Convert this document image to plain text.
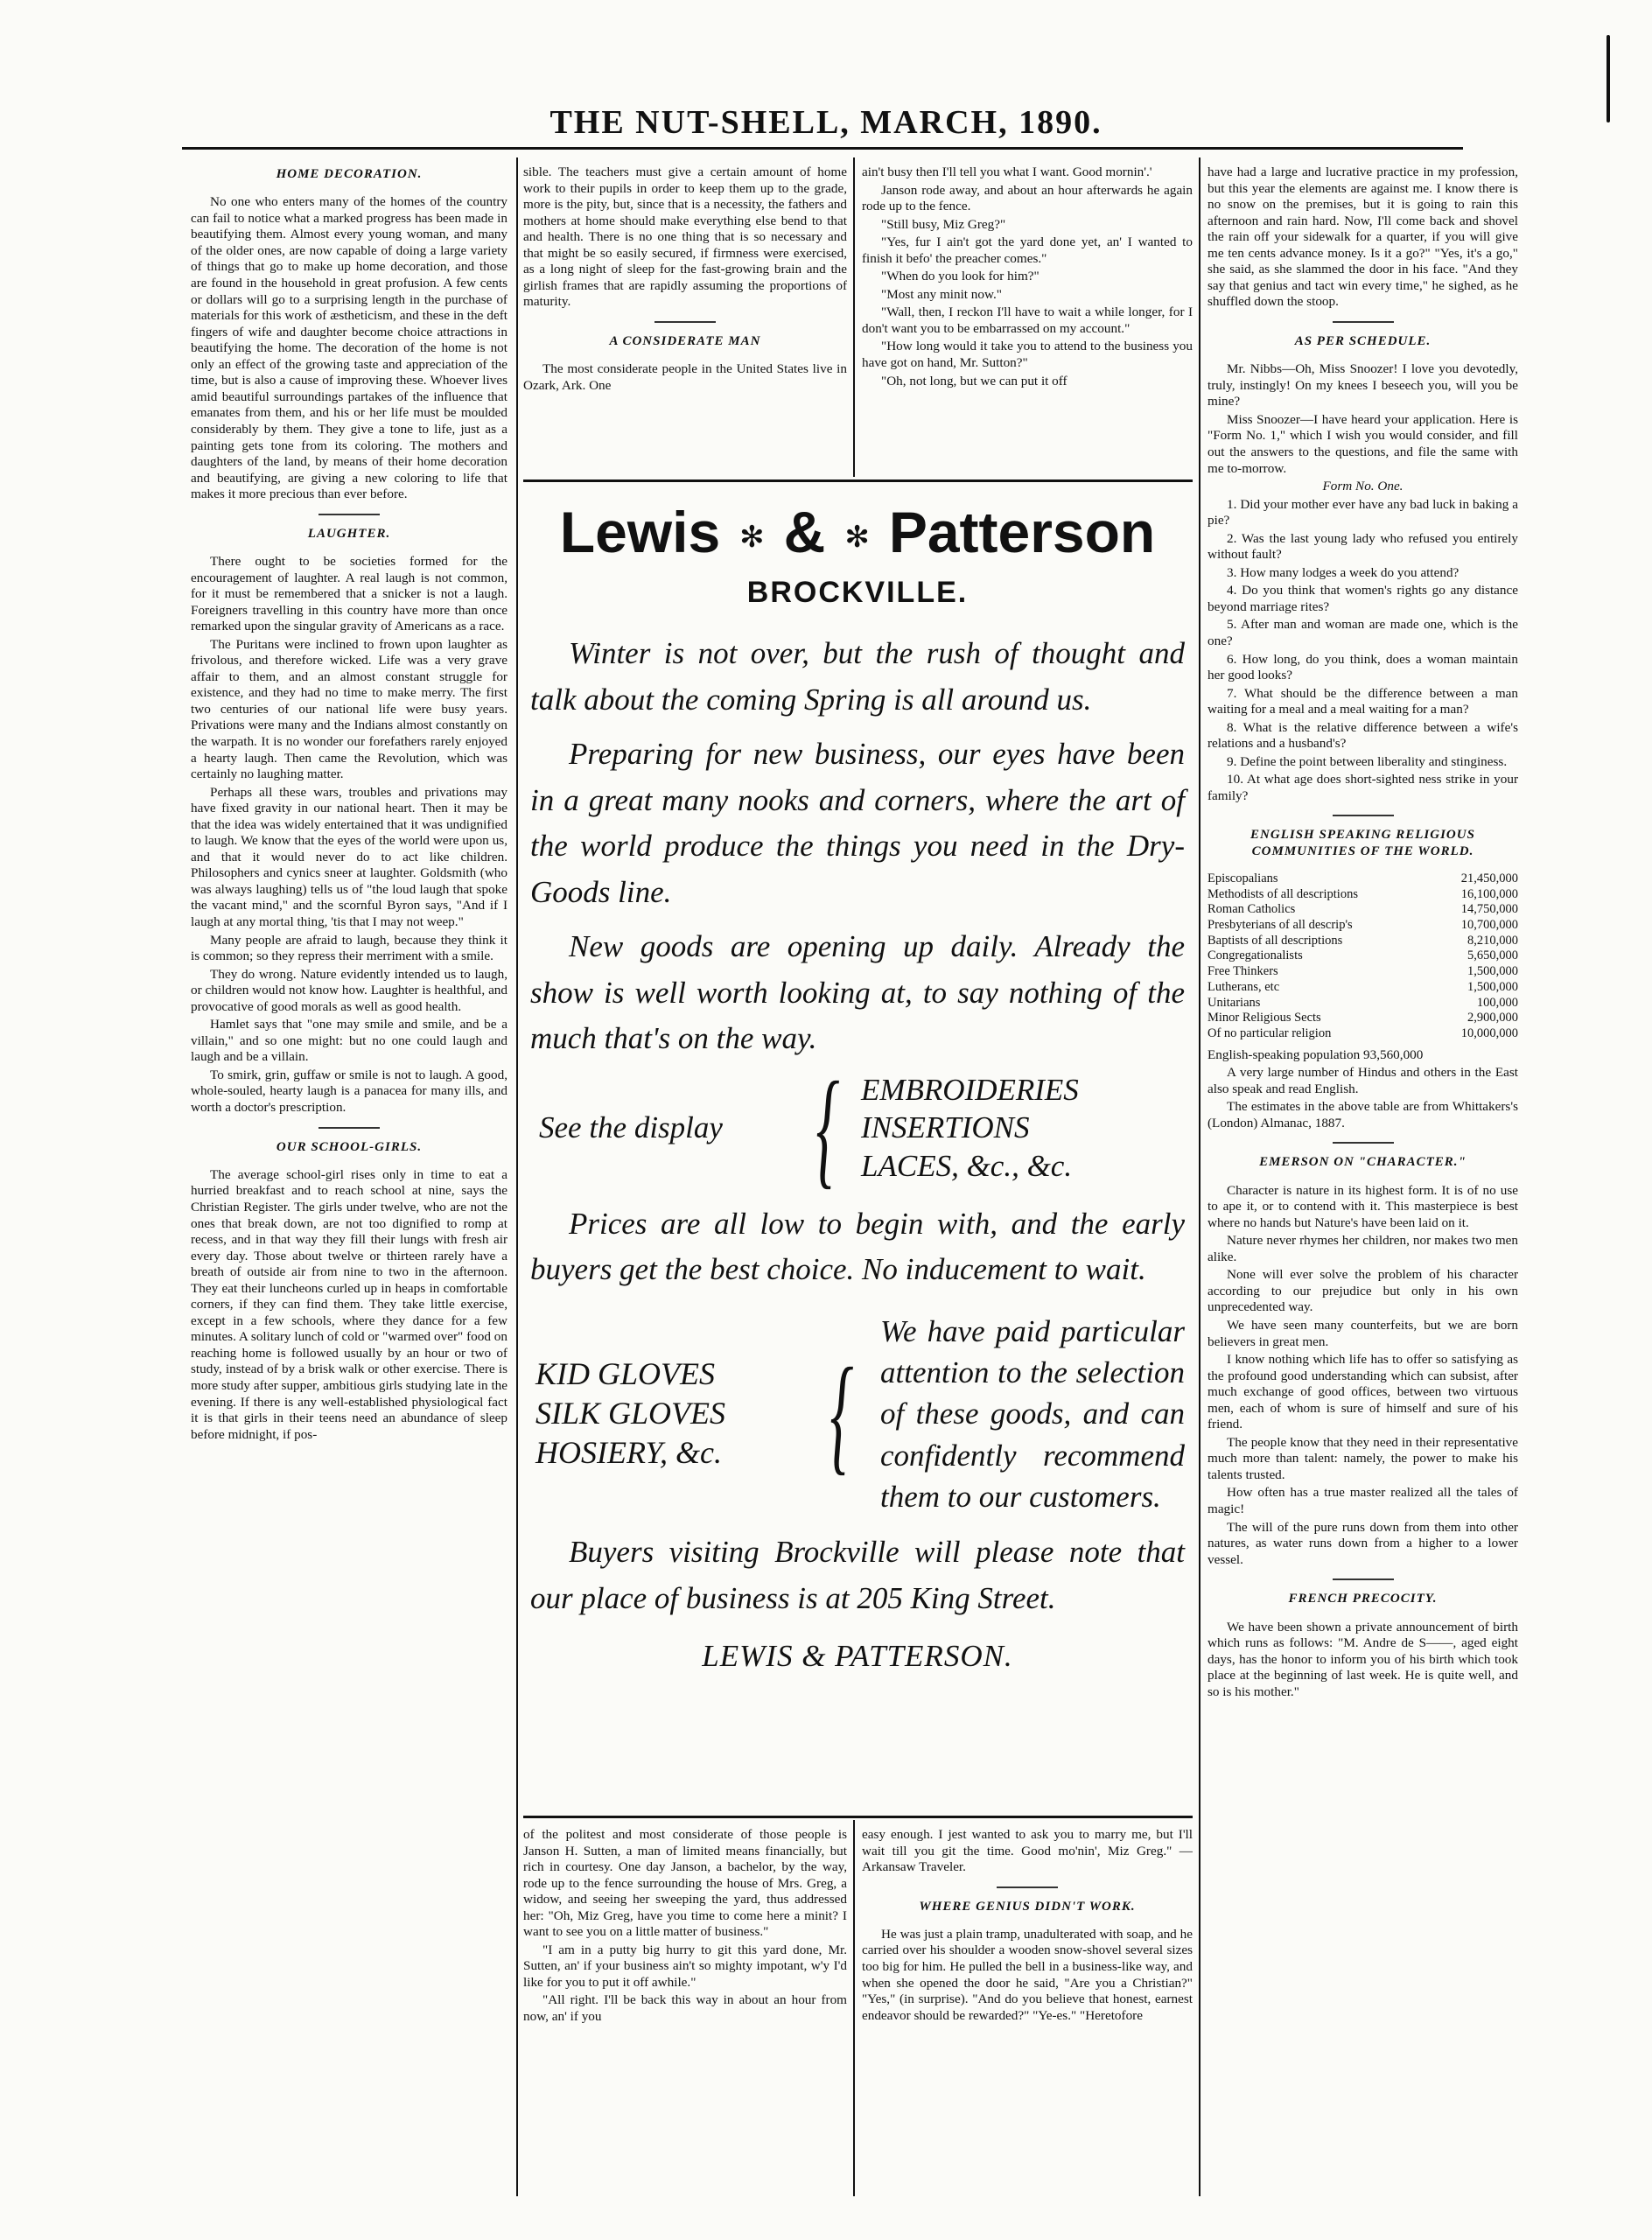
THE NUT-SHELL, MARCH, 1890.
HOME DECORATION.

No one who enters many of the homes of the country can fail to notice what a marked progress has been made in beautifying them. Almost every young woman, and many of the older ones, are now capable of doing a large variety of things that go to make up home decoration, and those are found in the household in great profusion. A few cents or dollars will go to a surprising length in the purchase of materials for this work of æstheticism, and these in the deft fingers of wife and daughter become choice attractions in beautifying the home. The decoration of the home is not only an effect of the growing taste and appreciation of the time, but is also a cause of improving these. Whoever lives amid beautiful surroundings partakes of the influence that emanates from them, and his or her life must be moulded considerably by them. They give a tone to life, just as a painting gets tone from its coloring. The mothers and daughters of the land, by means of their home decoration and beautifying, are giving a new coloring to life that makes it more precious than ever before.

LAUGHTER.

There ought to be societies formed for the encouragement of laughter. A real laugh is not common, for it must be remembered that a snicker is not a laugh. Foreigners travelling in this country have more than once remarked upon the singular gravity of Americans as a race.

The Puritans were inclined to frown upon laughter as frivolous, and therefore wicked. Life was a very grave affair to them, and an almost constant struggle for existence, and they had no time to make merry. The first two centuries of our national life were busy years. Privations were many and the Indians almost constantly on the warpath. It is no wonder our forefathers rarely enjoyed a hearty laugh. Then came the Revolution, which was certainly no laughing matter.

Perhaps all these wars, troubles and privations may have fixed gravity in our national heart. Then it may be that the idea was widely entertained that it was undignified to laugh. We know that the eyes of the world were upon us, and that it would never do to act like children. Philosophers and cynics sneer at laughter. Goldsmith (who was always laughing) tells us of "the loud laugh that spoke the vacant mind," and the scornful Byron says, "And if I laugh at any mortal thing, 'tis that I may not weep."

Many people are afraid to laugh, because they think it is common; so they repress their merriment with a smile.

They do wrong. Nature evidently intended us to laugh, or children would not know how. Laughter is healthful, and provocative of good morals as well as good health.

Hamlet says that "one may smile and smile, and be a villain," and so one might: but no one could laugh and laugh and be a villain.

To smirk, grin, guffaw or smile is not to laugh. A good, whole-souled, hearty laugh is a panacea for many ills, and worth a doctor's prescription.

OUR SCHOOL-GIRLS.

The average school-girl rises only in time to eat a hurried breakfast and to reach school at nine, says the Christian Register. The girls under twelve, who are not the ones that break down, are not too dignified to romp at recess, and in that way they fill their lungs with fresh air every day. Those about twelve or thirteen rarely have a breath of outside air from nine to two in the afternoon. They eat their luncheons curled up in heaps in comfortable corners, if they can find them. They take little exercise, except in a few schools, where they dance for a few minutes. A solitary lunch of cold or "warmed over" food on reaching home is followed usually by an hour or two of study, instead of by a brisk walk or other exercise. There is more study after supper, ambitious girls studying late in the evening. If there is any well-established physiological fact it is that girls in their teens need an abundance of sleep before midnight, if pos-

sible. The teachers must give a certain amount of home work to their pupils in order to keep them up to the grade, more is the pity, but, since that is a necessity, the fathers and mothers at home should make everything else bend to that and health. There is no one thing that is so necessary and that might be so easily secured, if firmness were exercised, as a long night of sleep for the fast-growing brain and the girlish frames that are rapidly assuming the proportions of maturity.

A CONSIDERATE MAN

The most considerate people in the United States live in Ozark, Ark. One

ain't busy then I'll tell you what I want. Good mornin'.'

Janson rode away, and about an hour afterwards he again rode up to the fence.

"Still busy, Miz Greg?"

"Yes, fur I ain't got the yard done yet, an' I wanted to finish it befo' the preacher comes."

"When do you look for him?"

"Most any minit now."

"Wall, then, I reckon I'll have to wait a while longer, for I don't want you to be embarrassed on my account."

"How long would it take you to attend to the business you have got on hand, Mr. Sutton?"

"Oh, not long, but we can put it off

Lewis ✻ & ✻ Patterson
BROCKVILLE.

Winter is not over, but the rush of thought and talk about the coming Spring is all around us.

Preparing for new business, our eyes have been in a great many nooks and corners, where the art of the world produce the things you need in the Dry-Goods line.

New goods are opening up daily. Already the show is well worth looking at, to say nothing of the much that's on the way.

See the display { EMBROIDERIES
INSERTIONS
LACES, &c., &c.

Prices are all low to begin with, and the early buyers get the best choice. No inducement to wait.

KID GLOVES
SILK GLOVES
HOSIERY, &c. {
We have paid particular attention to the selection of these goods, and can confidently recommend them to our customers.

Buyers visiting Brockville will please note that our place of business is at 205 King Street.

LEWIS & PATTERSON.

of the politest and most considerate of those people is Janson H. Sutten, a man of limited means financially, but rich in courtesy. One day Janson, a bachelor, by the way, rode up to the fence surrounding the house of Mrs. Greg, a widow, and seeing her sweeping the yard, thus addressed her: "Oh, Miz Greg, have you time to come here a minit? I want to see you on a little matter of business."

"I am in a putty big hurry to git this yard done, Mr. Sutten, an' if your business ain't so mighty impotant, w'y I'd like for you to put it off awhile."

"All right. I'll be back this way in about an hour from now, an' if you

easy enough. I jest wanted to ask you to marry me, but I'll wait till you git the time. Good mo'nin', Miz Greg." —Arkansaw Traveler.

WHERE GENIUS DIDN'T WORK.

He was just a plain tramp, unadulterated with soap, and he carried over his shoulder a wooden snow-shovel several sizes too big for him. He pulled the bell in a business-like way, and when she opened the door he said, "Are you a Christian?" "Yes," (in surprise). "And do you believe that honest, earnest endeavor should be rewarded?" "Ye-es." "Heretofore

have had a large and lucrative practice in my profession, but this year the elements are against me. I know there is no snow on the premises, but it is going to rain this afternoon and rain hard. Now, I'll come back and shovel the rain off your sidewalk for a quarter, if you will give me ten cents advance money. Is it a go?" "Yes, it's a go," she said, as she slammed the door in his face. "And they say that genius and tact win every time," he sighed, as he shuffled down the stoop.

AS PER SCHEDULE.

Mr. Nibbs—Oh, Miss Snoozer! I love you devotedly, truly, instingly! On my knees I beseech you, will you be mine?

Miss Snoozer—I have heard your application. Here is "Form No. 1," which I wish you would consider, and fill out the answers to the questions, and file the same with me to-morrow.

Form No. One.

1. Did your mother ever have any bad luck in baking a pie?

2. Was the last young lady who refused you entirely without fault?

3. How many lodges a week do you attend?

4. Do you think that women's rights go any distance beyond marriage rites?

5. After man and woman are made one, which is the one?

6. How long, do you think, does a woman maintain her good looks?

7. What should be the difference between a man waiting for a meal and a meal waiting for a man?

8. What is the relative difference between a wife's relations and a husband's?

9. Define the point between liberality and stinginess.

10. At what age does short-sighted ness strike in your family?

ENGLISH SPEAKING RELIGIOUS COMMUNITIES OF THE WORLD.
Episcopalians	21,450,000
Methodists of all descriptions	16,100,000
Roman Catholics	14,750,000
Presbyterians of all descrip's	10,700,000
Baptists of all descriptions	8,210,000
Congregationalists	5,650,000
Free Thinkers	1,500,000
Lutherans, etc	1,500,000
Unitarians	100,000
Minor Religious Sects	2,900,000
Of no particular religion	10,000,000

English-speaking population 93,560,000

A very large number of Hindus and others in the East also speak and read English.

The estimates in the above table are from Whittakers's (London) Almanac, 1887.

EMERSON ON "CHARACTER."

Character is nature in its highest form. It is of no use to ape it, or to contend with it. This masterpiece is best where no hands but Nature's have been laid on it.

Nature never rhymes her children, nor makes two men alike.

None will ever solve the problem of his character according to our prejudice but only in his own unprecedented way.

We have seen many counterfeits, but we are born believers in great men.

I know nothing which life has to offer so satisfying as the profound good understanding which can subsist, after much exchange of good offices, between two virtuous men, each of whom is sure of himself and sure of his friend.

The people know that they need in their representative much more than talent: namely, the power to make his talents trusted.

How often has a true master realized all the tales of magic!

The will of the pure runs down from them into other natures, as water runs down from a higher to a lower vessel.

FRENCH PRECOCITY.

We have been shown a private announcement of birth which runs as follows: "M. Andre de S——, aged eight days, has the honor to inform you of his birth which took place at the beginning of last week. He is quite well, and so is his mother."
